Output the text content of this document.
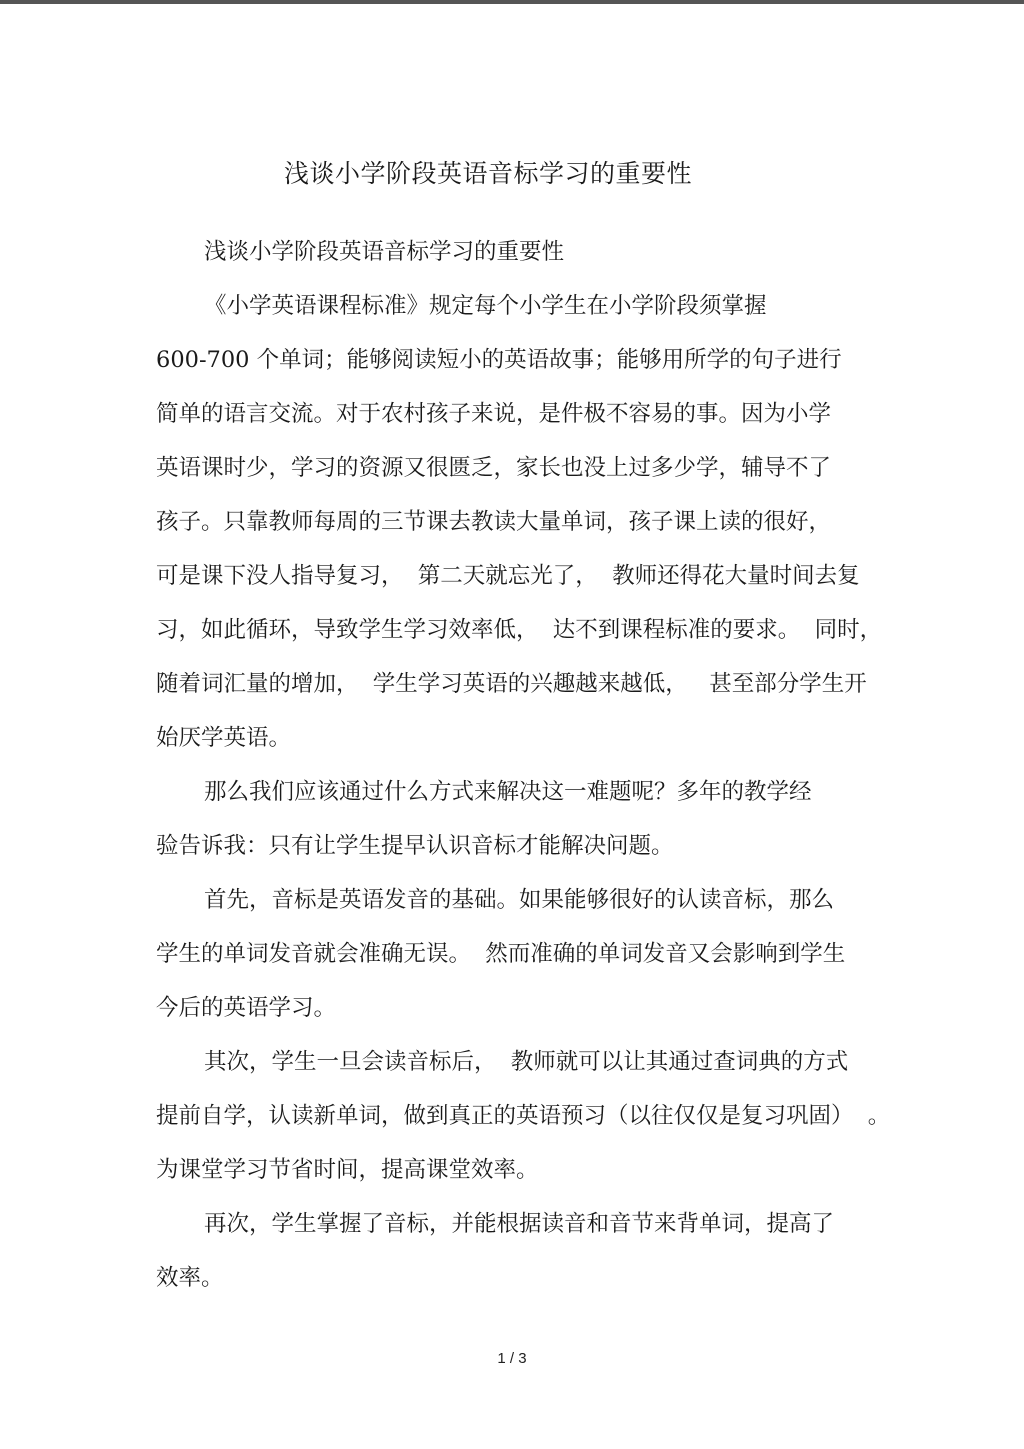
浅谈小学阶段英语音标学习的重要性
浅谈小学阶段英语音标学习的重要性
《小学英语课程标准》规定每个小学生在小学阶段须掌握
600-700 个单词；能够阅读短小的英语故事；能够用所学的句子进行
简单的语言交流。对于农村孩子来说，是件极不容易的事。因为小学
英语课时少，学习的资源又很匮乏，家长也没上过多少学，辅导不了
孩子。只靠教师每周的三节课去教读大量单词，孩子课上读的很好，
可是课下没人指导复习，  第二天就忘光了，  教师还得花大量时间去复
习，如此循环，导致学生学习效率低，  达不到课程标准的要求。  同时，
随着词汇量的增加，  学生学习英语的兴趣越来越低，   甚至部分学生开
始厌学英语。
那么我们应该通过什么方式来解决这一难题呢？多年的教学经
验告诉我：只有让学生提早认识音标才能解决问题。
首先，音标是英语发音的基础。如果能够很好的认读音标，那么
学生的单词发音就会准确无误。  然而准确的单词发音又会影响到学生
今后的英语学习。
其次，学生一旦会读音标后，  教师就可以让其通过查词典的方式
提前自学，认读新单词，做到真正的英语预习（以往仅仅是复习巩固）  。
为课堂学习节省时间，提高课堂效率。
再次，学生掌握了音标，并能根据读音和音节来背单词，提高了
效率。
1 / 3
